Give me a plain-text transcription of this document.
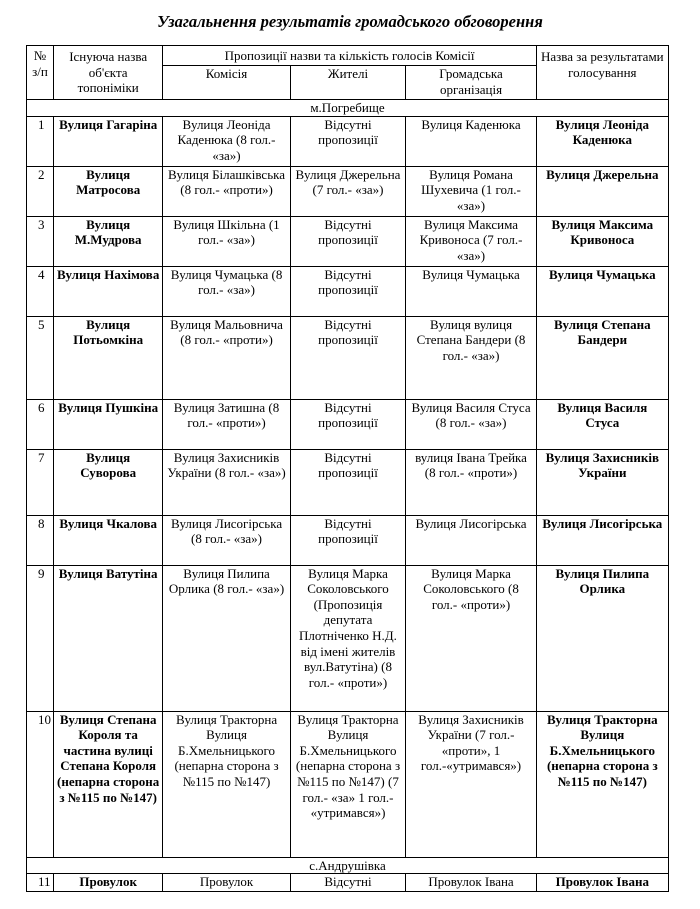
Узагальнення результатів громадського обговорення
№ з/п	Існуюча назва об'єкта топоніміки	Пропозиції назви та кількість голосів Комісії			Назва за результатами голосування
		Комісія	Жителі	Громадська організація	
м.Погребище					
1	Вулиця Гагаріна	Вулиця Леоніда Каденюка (8 гол.- «за»)	Відсутні пропозиції	Вулиця Каденюка	Вулиця Леоніда Каденюка
2	Вулиця Матросова	Вулиця Білашківська (8 гол.- «проти»)	Вулиця Джерельна (7 гол.- «за»)	Вулиця Романа Шухевича (1 гол.- «за»)	Вулиця Джерельна
3	Вулиця М.Мудрова	Вулиця Шкільна (1 гол.- «за»)	Відсутні пропозиції	Вулиця Максима Кривоноса (7 гол.- «за»)	Вулиця Максима Кривоноса
4	Вулиця Нахімова	Вулиця Чумацька (8 гол.- «за»)	Відсутні пропозиції	Вулиця Чумацька	Вулиця Чумацька
5	Вулиця Потьомкіна	Вулиця Мальовнича (8 гол.- «проти»)	Відсутні пропозиції	Вулиця вулиця Степана Бандери (8 гол.- «за»)	Вулиця Степана Бандери
6	Вулиця Пушкіна	Вулиця Затишна (8 гол.- «проти»)	Відсутні пропозиції	Вулиця Василя Стуса (8 гол.- «за»)	Вулиця Василя Стуса
7	Вулиця Суворова	Вулиця Захисників України (8 гол.- «за»)	Відсутні пропозиції	вулиця Івана Трейка (8 гол.- «проти»)	Вулиця Захисників України
8	Вулиця Чкалова	Вулиця Лисогірська (8 гол.- «за»)	Відсутні пропозиції	Вулиця Лисогірська	Вулиця Лисогірська
9	Вулиця Ватутіна	Вулиця Пилипа Орлика (8 гол.- «за»)	Вулиця Марка Соколовського (Пропозиція депутата Плотніченко Н.Д. від імені жителів вул.Ватутіна) (8 гол.- «проти»)	Вулиця Марка Соколовського (8 гол.- «проти»)	Вулиця Пилипа Орлика
10	Вулиця Степана Короля та частина вулиці Степана Короля (непарна сторона з №115 по №147)	Вулиця Тракторна Вулиця Б.Хмельницького (непарна сторона з №115 по №147)	Вулиця Тракторна Вулиця Б.Хмельницького (непарна сторона з №115 по №147) (7 гол.- «за» 1 гол.- «утримався»)	Вулиця Захисників України (7 гол.- «проти», 1 гол.-«утримався»)	Вулиця Тракторна Вулиця Б.Хмельницького (непарна сторона з №115 по №147)
с.Андрушівка					
11	Провулок	Провулок	Відсутні	Провулок Івана	Провулок Івана
